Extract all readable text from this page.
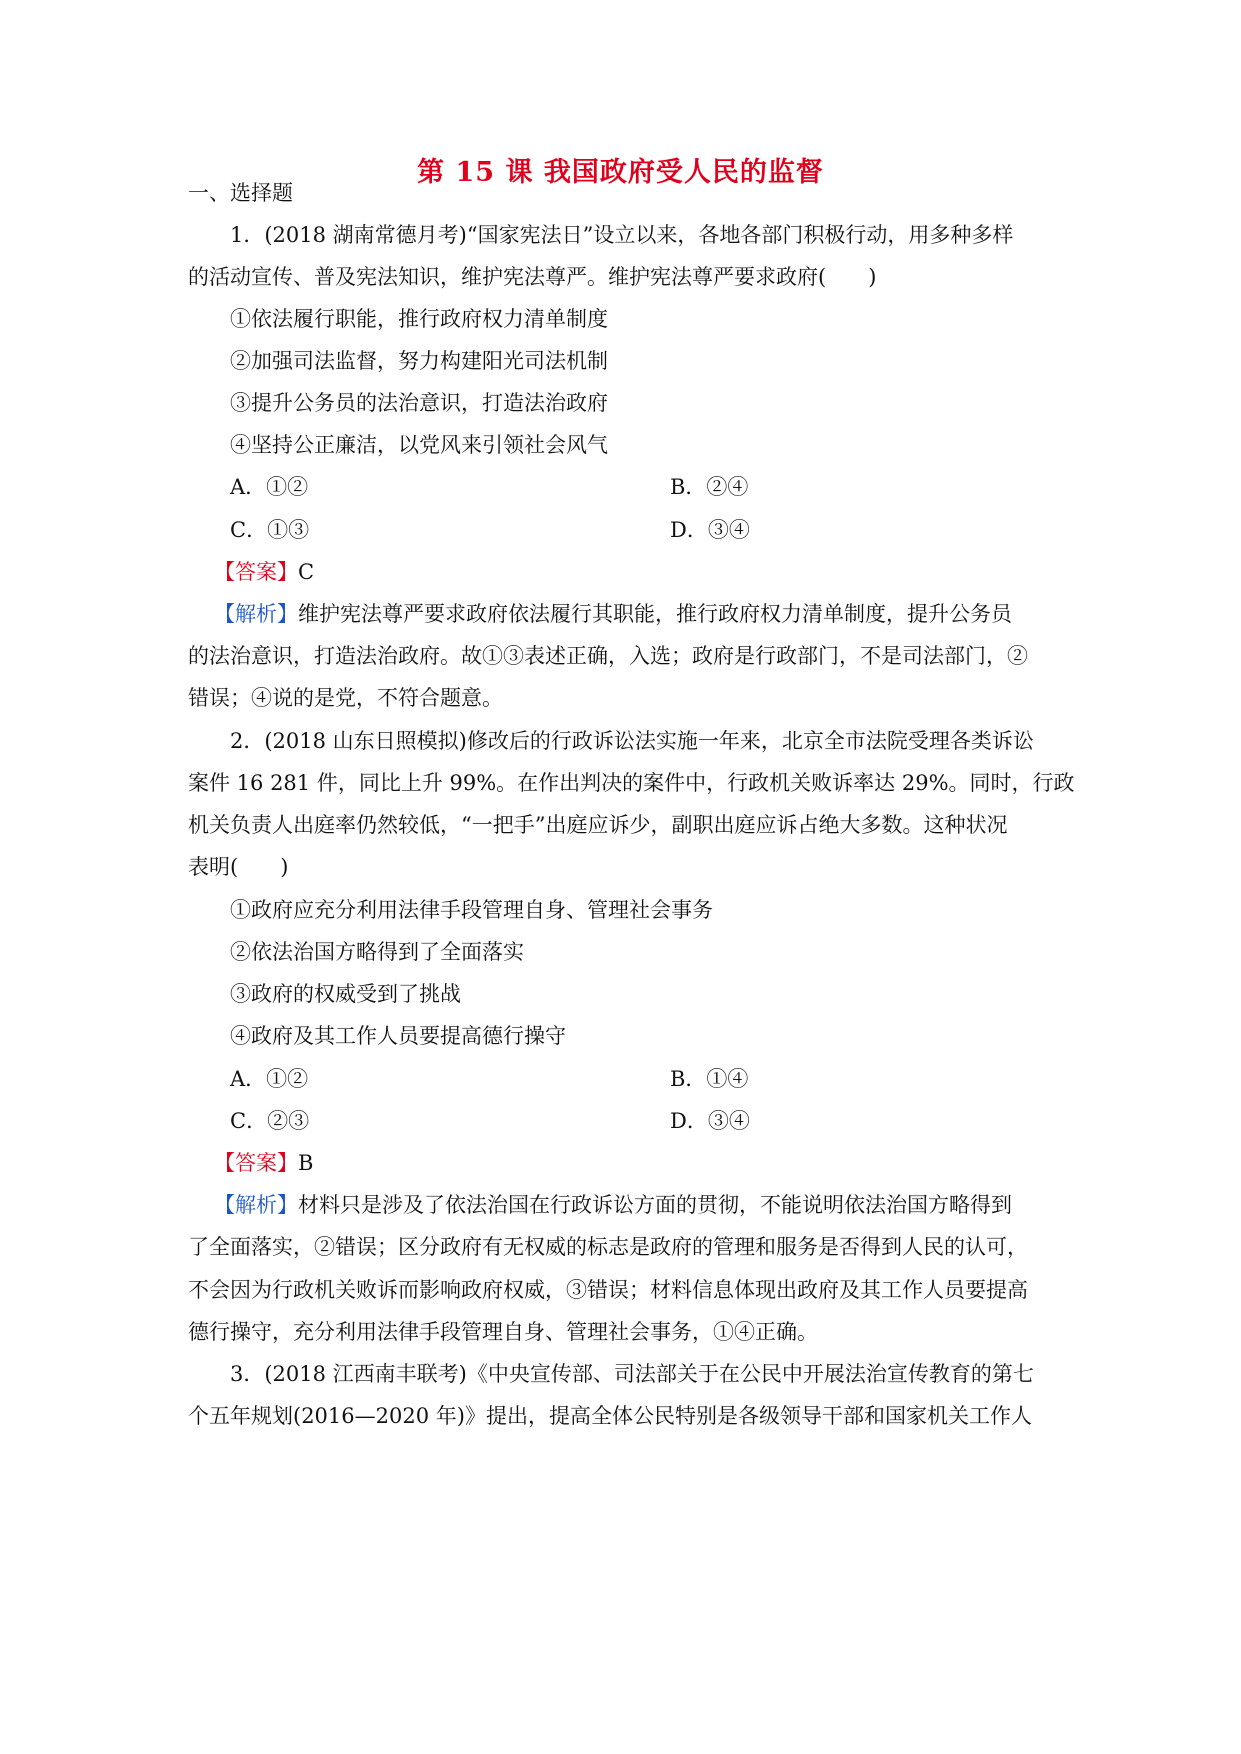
第 15 课 我国政府受人民的监督
一、选择题
1．(2018 湖南常德月考)“国家宪法日”设立以来，各地各部门积极行动，用多种多样
的活动宣传、普及宪法知识，维护宪法尊严。维护宪法尊严要求政府(　　)
①依法履行职能，推行政府权力清单制度
②加强司法监督，努力构建阳光司法机制
③提升公务员的法治意识，打造法治政府
④坚持公正廉洁，以党风来引领社会风气
A．①②	B．②④
C．①③	D．③④
【答案】C
【解析】维护宪法尊严要求政府依法履行其职能，推行政府权力清单制度，提升公务员
的法治意识，打造法治政府。故①③表述正确，入选；政府是行政部门，不是司法部门，②
错误；④说的是党，不符合题意。
2．(2018 山东日照模拟)修改后的行政诉讼法实施一年来，北京全市法院受理各类诉讼
案件 16 281 件，同比上升 99%。在作出判决的案件中，行政机关败诉率达 29%。同时，行政
机关负责人出庭率仍然较低，“一把手”出庭应诉少，副职出庭应诉占绝大多数。这种状况
表明(　　)
①政府应充分利用法律手段管理自身、管理社会事务
②依法治国方略得到了全面落实
③政府的权威受到了挑战
④政府及其工作人员要提高德行操守
A．①②	B．①④
C．②③	D．③④
【答案】B
【解析】材料只是涉及了依法治国在行政诉讼方面的贯彻，不能说明依法治国方略得到
了全面落实，②错误；区分政府有无权威的标志是政府的管理和服务是否得到人民的认可，
不会因为行政机关败诉而影响政府权威，③错误；材料信息体现出政府及其工作人员要提高
德行操守，充分利用法律手段管理自身、管理社会事务，①④正确。
3．(2018 江西南丰联考)《中央宣传部、司法部关于在公民中开展法治宣传教育的第七
个五年规划(2016—2020 年)》提出，提高全体公民特别是各级领导干部和国家机关工作人
